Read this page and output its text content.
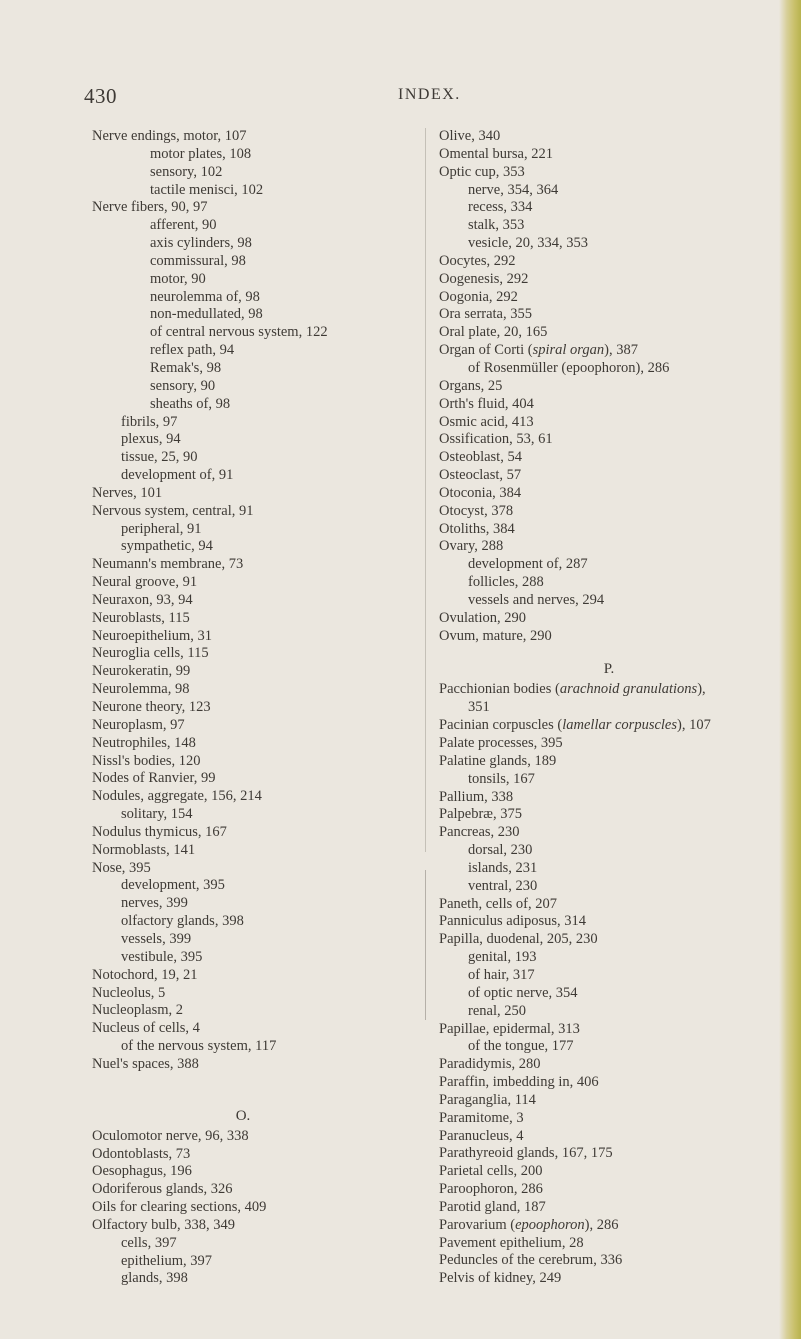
430	INDEX.
Nerve endings, motor, 107
motor plates, 108
sensory, 102
tactile menisci, 102
Nerve fibers, 90, 97
afferent, 90
axis cylinders, 98
commissural, 98
motor, 90
neurolemma of, 98
non-medullated, 98
of central nervous system, 122
reflex path, 94
Remak's, 98
sensory, 90
sheaths of, 98
fibrils, 97
plexus, 94
tissue, 25, 90
development of, 91
Nerves, 101
Nervous system, central, 91
peripheral, 91
sympathetic, 94
Neumann's membrane, 73
Neural groove, 91
Neuraxon, 93, 94
Neuroblasts, 115
Neuroepithelium, 31
Neuroglia cells, 115
Neurokeratin, 99
Neurolemma, 98
Neurone theory, 123
Neuroplasm, 97
Neutrophiles, 148
Nissl's bodies, 120
Nodes of Ranvier, 99
Nodules, aggregate, 156, 214
solitary, 154
Nodulus thymicus, 167
Normoblasts, 141
Nose, 395
development, 395
nerves, 399
olfactory glands, 398
vessels, 399
vestibule, 395
Notochord, 19, 21
Nucleolus, 5
Nucleoplasm, 2
Nucleus of cells, 4
of the nervous system, 117
Nuel's spaces, 388
O.
Oculomotor nerve, 96, 338
Odontoblasts, 73
Oesophagus, 196
Odoriferous glands, 326
Oils for clearing sections, 409
Olfactory bulb, 338, 349
cells, 397
epithelium, 397
glands, 398
Olive, 340
Omental bursa, 221
Optic cup, 353
nerve, 354, 364
recess, 334
stalk, 353
vesicle, 20, 334, 353
Oocytes, 292
Oogenesis, 292
Oogonia, 292
Ora serrata, 355
Oral plate, 20, 165
Organ of Corti (spiral organ), 387
of Rosenmüller (epoophoron), 286
Organs, 25
Orth's fluid, 404
Osmic acid, 413
Ossification, 53, 61
Osteoblast, 54
Osteoclast, 57
Otoconia, 384
Otocyst, 378
Otoliths, 384
Ovary, 288
development of, 287
follicles, 288
vessels and nerves, 294
Ovulation, 290
Ovum, mature, 290
P.
Pacchionian bodies (arachnoid granulations),
351
Pacinian corpuscles (lamellar corpuscles), 107
Palate processes, 395
Palatine glands, 189
tonsils, 167
Pallium, 338
Palpebræ, 375
Pancreas, 230
dorsal, 230
islands, 231
ventral, 230
Paneth, cells of, 207
Panniculus adiposus, 314
Papilla, duodenal, 205, 230
genital, 193
of hair, 317
of optic nerve, 354
renal, 250
Papillae, epidermal, 313
of the tongue, 177
Paradidymis, 280
Paraffin, imbedding in, 406
Paraganglia, 114
Paramitome, 3
Paranucleus, 4
Parathyreoid glands, 167, 175
Parietal cells, 200
Paroophoron, 286
Parotid gland, 187
Parovarium (epoophoron), 286
Pavement epithelium, 28
Peduncles of the cerebrum, 336
Pelvis of kidney, 249
